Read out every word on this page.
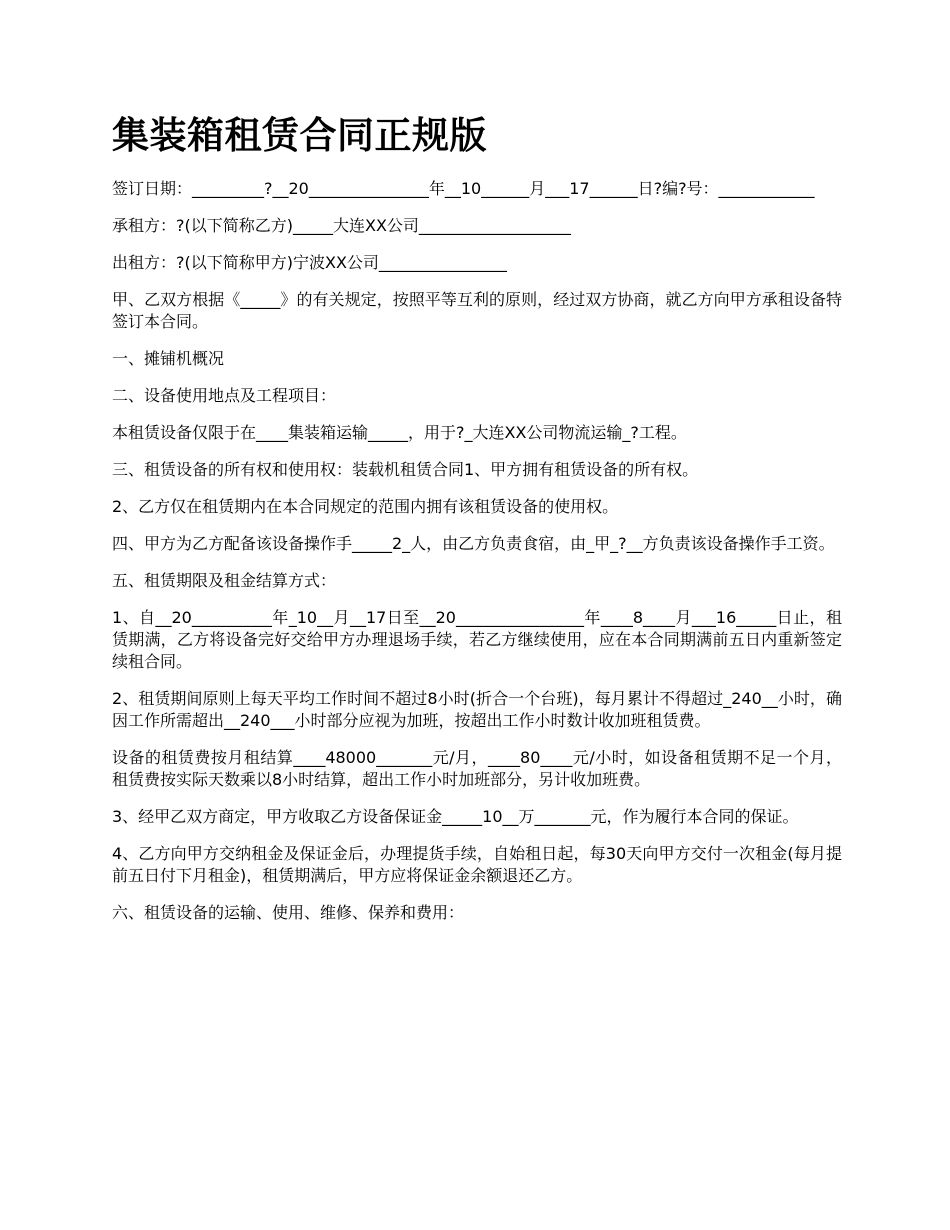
集装箱租赁合同正规版

签订日期：_________?__20_______________年__10______月___17______日?编?号：____________

承租方：?(以下简称乙方)_____大连XX公司___________________

出租方：?(以下简称甲方)宁波XX公司________________

甲、乙双方根据《_____》的有关规定，按照平等互利的原则，经过双方协商，就乙方向甲方承租设备特签订本合同。

一、摊铺机概况

二、设备使用地点及工程项目：

本租赁设备仅限于在____集装箱运输_____，用于?_大连XX公司物流运输_?工程。

三、租赁设备的所有权和使用权：装载机租赁合同1、甲方拥有租赁设备的所有权。

2、乙方仅在租赁期内在本合同规定的范围内拥有该租赁设备的使用权。

四、甲方为乙方配备该设备操作手_____2_人，由乙方负责食宿，由_甲_?__方负责该设备操作手工资。

五、租赁期限及租金结算方式：

1、自__20__________年_10__月__17日至__20________________年____8____月___16_____日止，租赁期满，乙方将设备完好交给甲方办理退场手续，若乙方继续使用，应在本合同期满前五日内重新签定续租合同。

2、租赁期间原则上每天平均工作时间不超过8小时(折合一个台班)，每月累计不得超过_240__小时，确因工作所需超出__240___小时部分应视为加班，按超出工作小时数计收加班租赁费。

设备的租赁费按月租结算____48000_______元/月，____80____元/小时，如设备租赁期不足一个月，租赁费按实际天数乘以8小时结算，超出工作小时加班部分，另计收加班费。

3、经甲乙双方商定，甲方收取乙方设备保证金_____10__万_______元，作为履行本合同的保证。

4、乙方向甲方交纳租金及保证金后，办理提货手续，自始租日起，每30天向甲方交付一次租金(每月提前五日付下月租金)，租赁期满后，甲方应将保证金余额退还乙方。

六、租赁设备的运输、使用、维修、保养和费用：
